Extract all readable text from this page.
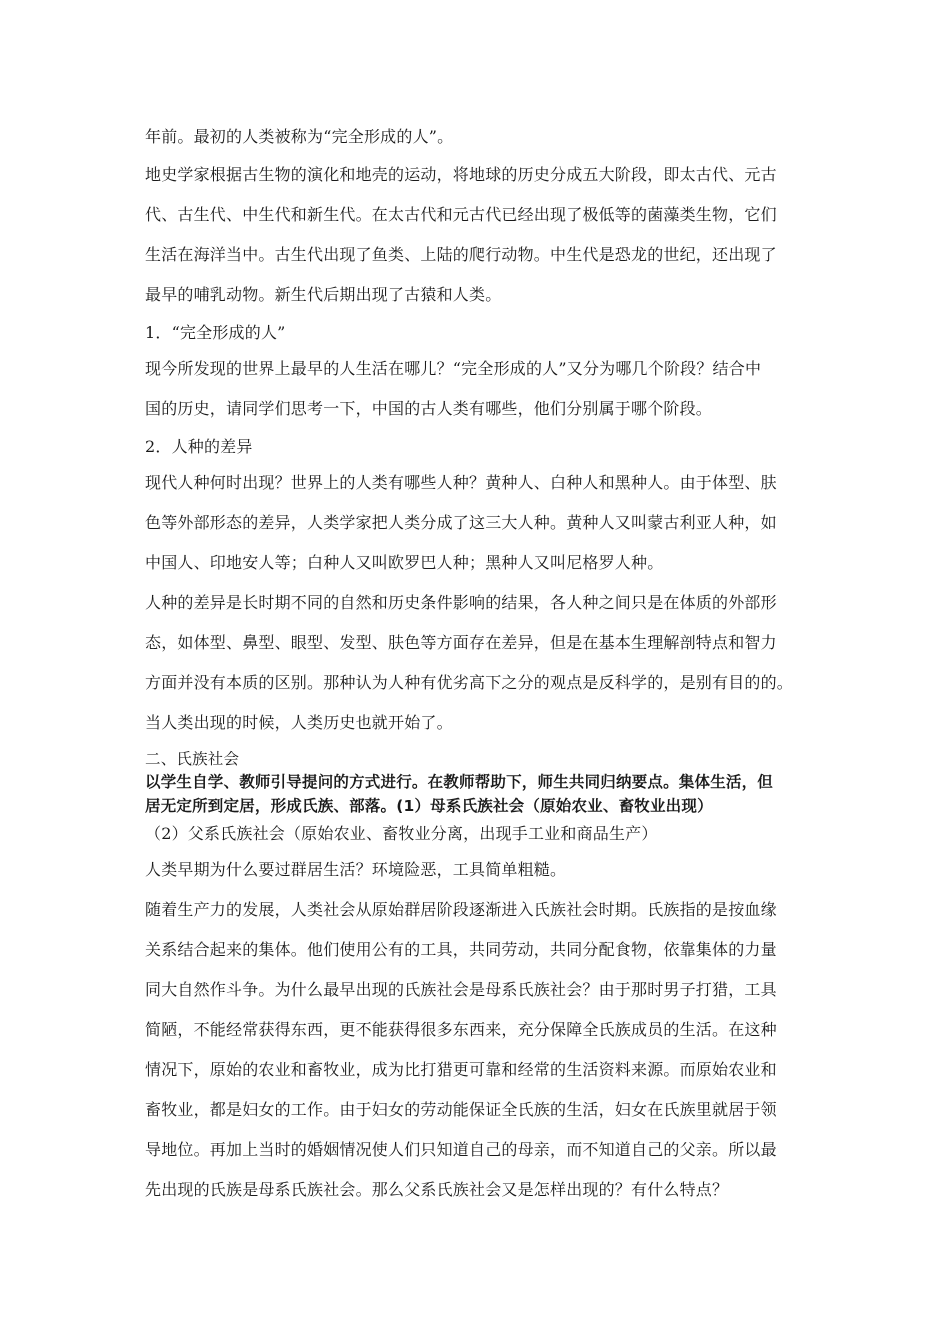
年前。最初的人类被称为“完全形成的人”。
地史学家根据古生物的演化和地壳的运动，将地球的历史分成五大阶段，即太古代、元古
代、古生代、中生代和新生代。在太古代和元古代已经出现了极低等的菌藻类生物，它们
生活在海洋当中。古生代出现了鱼类、上陆的爬行动物。中生代是恐龙的世纪，还出现了
最早的哺乳动物。新生代后期出现了古猿和人类。
1．“完全形成的人”
现今所发现的世界上最早的人生活在哪儿？“完全形成的人”又分为哪几个阶段？结合中
国的历史，请同学们思考一下，中国的古人类有哪些，他们分别属于哪个阶段。
2．人种的差异
现代人种何时出现？世界上的人类有哪些人种？黄种人、白种人和黑种人。由于体型、肤
色等外部形态的差异，人类学家把人类分成了这三大人种。黄种人又叫蒙古利亚人种，如
中国人、印地安人等；白种人又叫欧罗巴人种；黑种人又叫尼格罗人种。
人种的差异是长时期不同的自然和历史条件影响的结果，各人种之间只是在体质的外部形
态，如体型、鼻型、眼型、发型、肤色等方面存在差异，但是在基本生理解剖特点和智力
方面并没有本质的区别。那种认为人种有优劣高下之分的观点是反科学的，是别有目的的。
当人类出现的时候，人类历史也就开始了。
二、氏族社会
以学生自学、教师引导提问的方式进行。在教师帮助下，师生共同归纳要点。集体生活，但
居无定所到定居，形成氏族、部落。(1）母系氏族社会（原始农业、畜牧业出现）
（2）父系氏族社会（原始农业、畜牧业分离，出现手工业和商品生产）
人类早期为什么要过群居生活？环境险恶，工具简单粗糙。
随着生产力的发展，人类社会从原始群居阶段逐渐进入氏族社会时期。氏族指的是按血缘
关系结合起来的集体。他们使用公有的工具，共同劳动，共同分配食物，依靠集体的力量
同大自然作斗争。为什么最早出现的氏族社会是母系氏族社会？由于那时男子打猎，工具
简陋，不能经常获得东西，更不能获得很多东西来，充分保障全氏族成员的生活。在这种
情况下，原始的农业和畜牧业，成为比打猎更可靠和经常的生活资料来源。而原始农业和
畜牧业，都是妇女的工作。由于妇女的劳动能保证全氏族的生活，妇女在氏族里就居于领
导地位。再加上当时的婚姻情况使人们只知道自己的母亲，而不知道自己的父亲。所以最
先出现的氏族是母系氏族社会。那么父系氏族社会又是怎样出现的？有什么特点？
